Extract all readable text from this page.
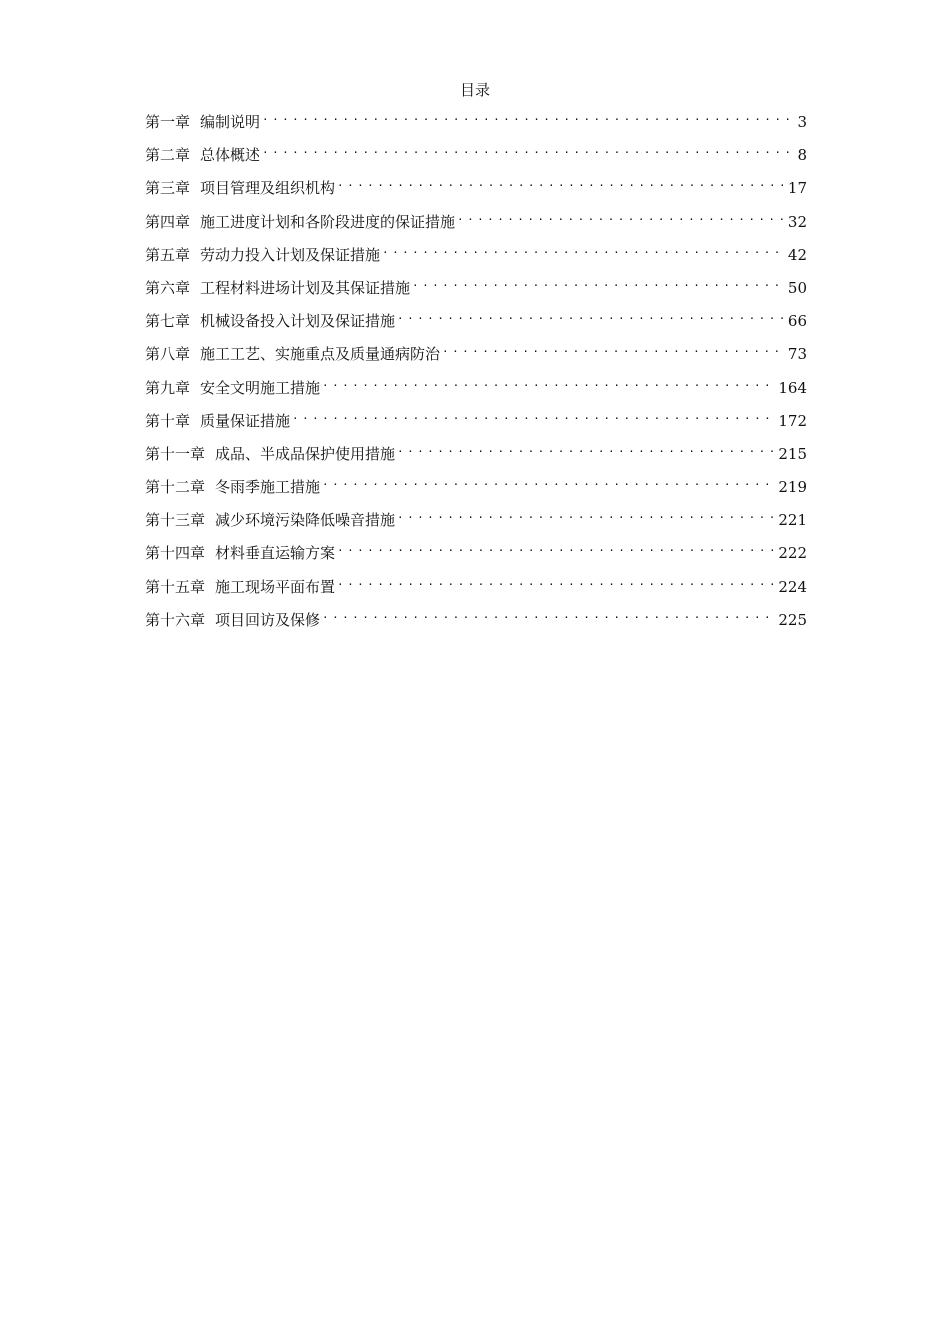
目录
第一章 编制说明 . . .	3
第二章 总体概述 . . .	8
第三章 项目管理及组织机构 . . .	17
第四章 施工进度计划和各阶段进度的保证措施 . . .	32
第五章 劳动力投入计划及保证措施 . . .	42
第六章 工程材料进场计划及其保证措施 . . .	50
第七章 机械设备投入计划及保证措施 . . .	66
第八章 施工工艺、实施重点及质量通病防治 . . .	73
第九章 安全文明施工措施 . . .	164
第十章 质量保证措施 . . .	172
第十一章 成品、半成品保护使用措施 . . .	215
第十二章 冬雨季施工措施 . . .	219
第十三章 减少环境污染降低噪音措施 . . .	221
第十四章 材料垂直运输方案 . . .	222
第十五章 施工现场平面布置 . . .	224
第十六章 项目回访及保修 . . .	225
